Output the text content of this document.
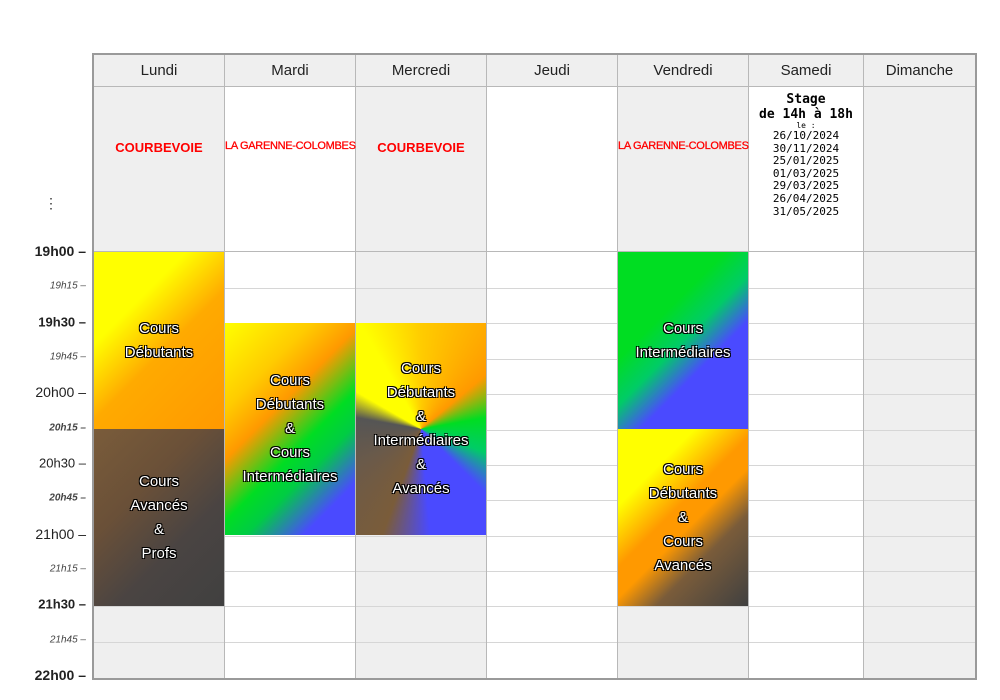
⋮
19h00 –
19h15 –
19h30 –
19h45 –
20h00 –
20h15 –
20h30 –
20h45 –
21h00 –
21h15 –
21h30 –
21h45 –
22h00 –
Lundi
COURBEVOIE
Cours
Débutants
Cours
Avancés
&
Profs
Mardi
LA GARENNE-COLOMBES
Cours
Débutants
&
Cours
Intermédiaires
Mercredi
COURBEVOIE
Cours
Débutants
&
Intermédiaires
&
Avancés
Jeudi	Vendredi
LA GARENNE-COLOMBES
Cours
Intermédiaires
Cours
Débutants
&
Cours
Avancés
Samedi
Stage
de 14h à 18h
le :
26/10/2024
30/11/2024
25/01/2025
01/03/2025
29/03/2025
26/04/2025
31/05/2025
Dimanche
